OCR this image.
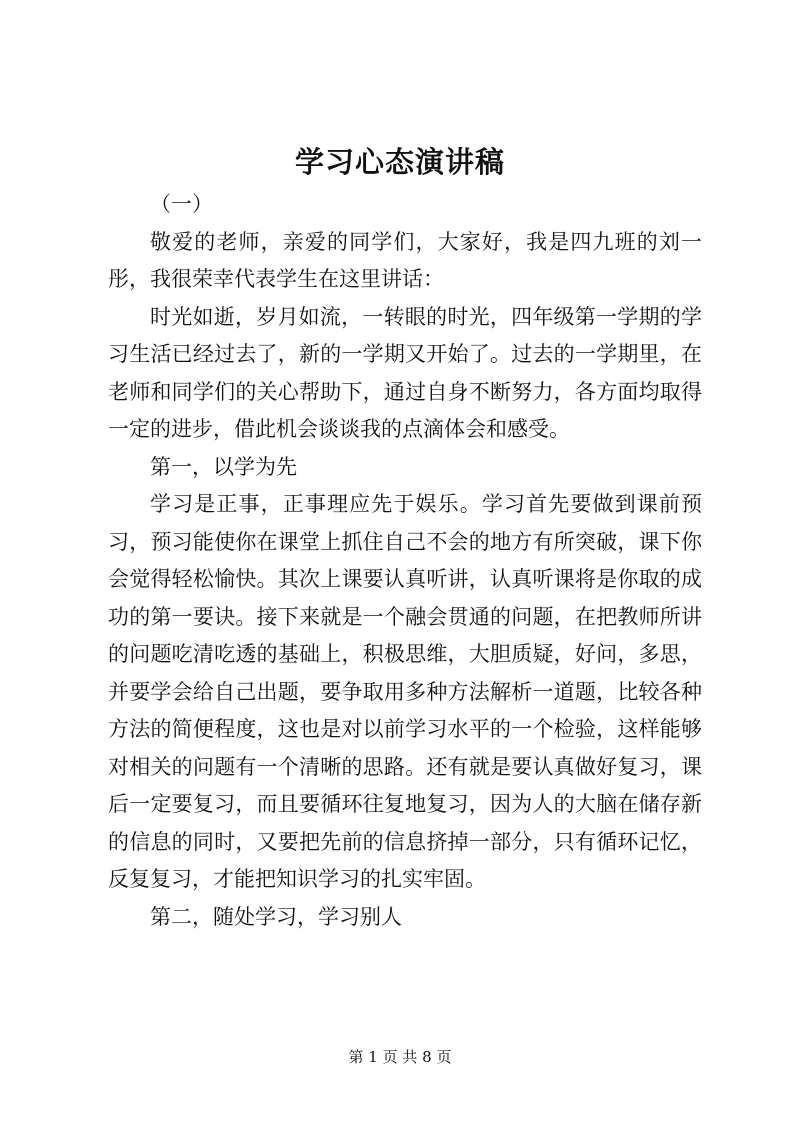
学习心态演讲稿

（一）

敬爱的老师，亲爱的同学们，大家好，我是四九班的刘一彤，我很荣幸代表学生在这里讲话：

时光如逝，岁月如流，一转眼的时光，四年级第一学期的学习生活已经过去了，新的一学期又开始了。过去的一学期里，在老师和同学们的关心帮助下，通过自身不断努力，各方面均取得一定的进步，借此机会谈谈我的点滴体会和感受。

第一，以学为先

学习是正事，正事理应先于娱乐。学习首先要做到课前预习，预习能使你在课堂上抓住自己不会的地方有所突破，课下你会觉得轻松愉快。其次上课要认真听讲，认真听课将是你取的成功的第一要诀。接下来就是一个融会贯通的问题，在把教师所讲的问题吃清吃透的基础上，积极思维，大胆质疑，好问，多思，并要学会给自己出题，要争取用多种方法解析一道题，比较各种方法的简便程度，这也是对以前学习水平的一个检验，这样能够对相关的问题有一个清晰的思路。还有就是要认真做好复习，课后一定要复习，而且要循环往复地复习，因为人的大脑在储存新的信息的同时，又要把先前的信息挤掉一部分，只有循环记忆，反复复习，才能把知识学习的扎实牢固。

第二，随处学习，学习别人

第 1 页 共 8 页
